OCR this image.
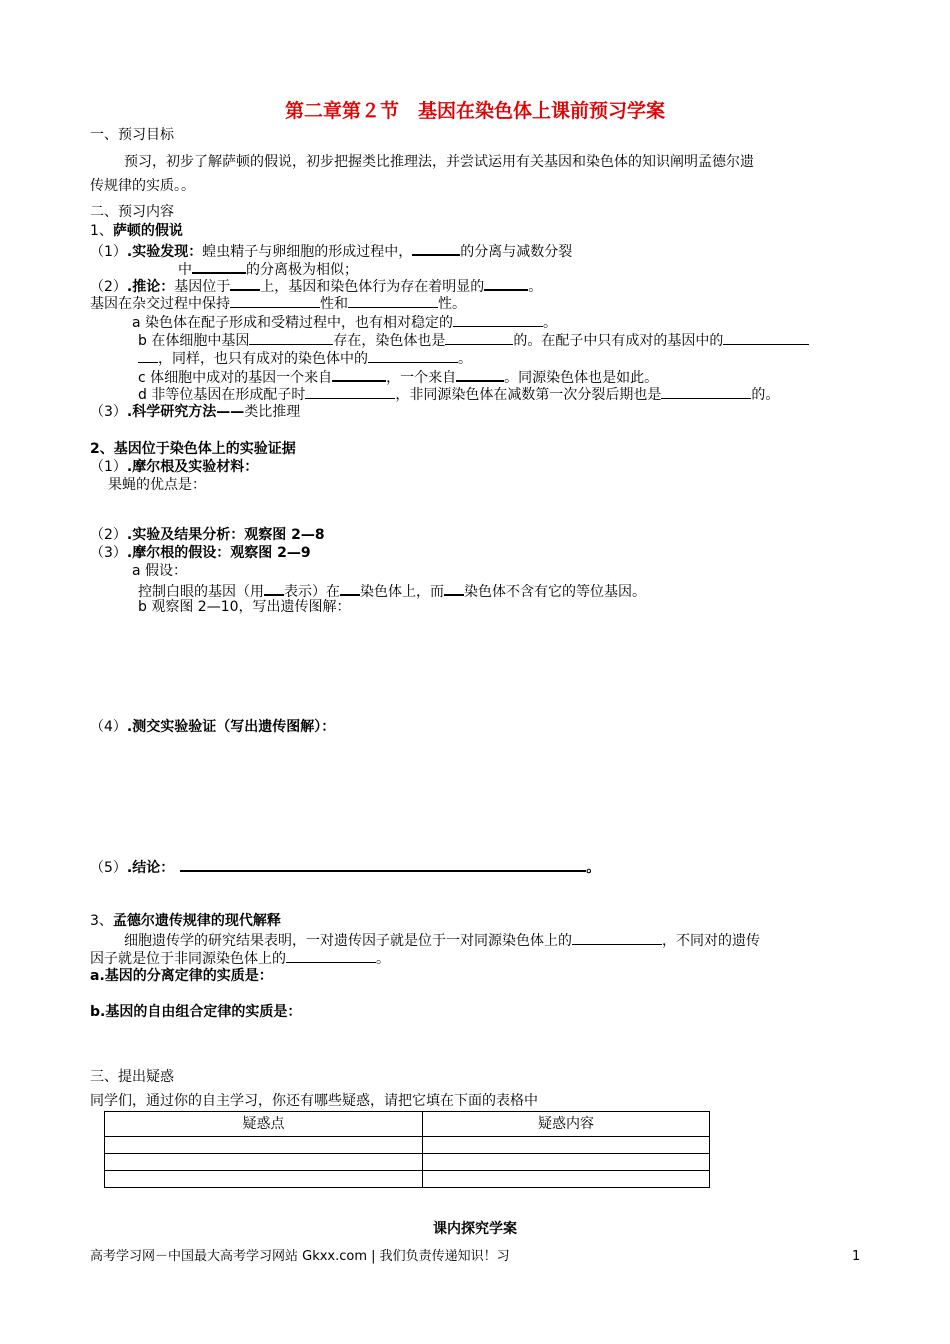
第二章第２节　基因在染色体上课前预习学案
一、预习目标
预习，初步了解萨顿的假说，初步把握类比推理法，并尝试运用有关基因和染色体的知识阐明孟德尔遗
传规律的实质。。
二、预习内容
1、萨顿的假说
（1）.实验发现：蝗虫精子与卵细胞的形成过程中，	的分离与减数分裂
中	的分离极为相似；
（2）.推论：基因位于 上，基因和染色体行为存在着明显的	。
基因在杂交过程中保持	性和	性。
a 染色体在配子形成和受精过程中，也有相对稳定的	。
b 在体细胞中基因	存在，染色体也是	的。在配子中只有成对的基因中的
，同样，也只有成对的染色体中的	。
c 体细胞中成对的基因一个来自	，一个来自	。同源染色体也是如此。
d 非等位基因在形成配子时	，非同源染色体在减数第一次分裂后期也是	的。
（3）.科学研究方法——类比推理
2、基因位于染色体上的实验证据
（1）.摩尔根及实验材料：
果蝇的优点是：
（2）.实验及结果分析：观察图 2—8
（3）.摩尔根的假设：观察图 2—9
a 假设：
控制白眼的基因（用 表示）在 染色体上，而 染色体不含有它的等位基因。
b 观察图 2—10，写出遗传图解：
（4）.测交实验验证（写出遗传图解）：
（5）.结论：	。
3、孟德尔遗传规律的现代解释
细胞遗传学的研究结果表明，一对遗传因子就是位于一对同源染色体上的	，不同对的遗传
因子就是位于非同源染色体上的	。
a.基因的分离定律的实质是：
b.基因的自由组合定律的实质是：
三、提出疑惑
同学们，通过你的自主学习，你还有哪些疑惑，请把它填在下面的表格中
疑惑点	疑惑内容

课内探究学案
高考学习网－中国最大高考学习网站 Gkxx.com | 我们负责传递知识！习	1
